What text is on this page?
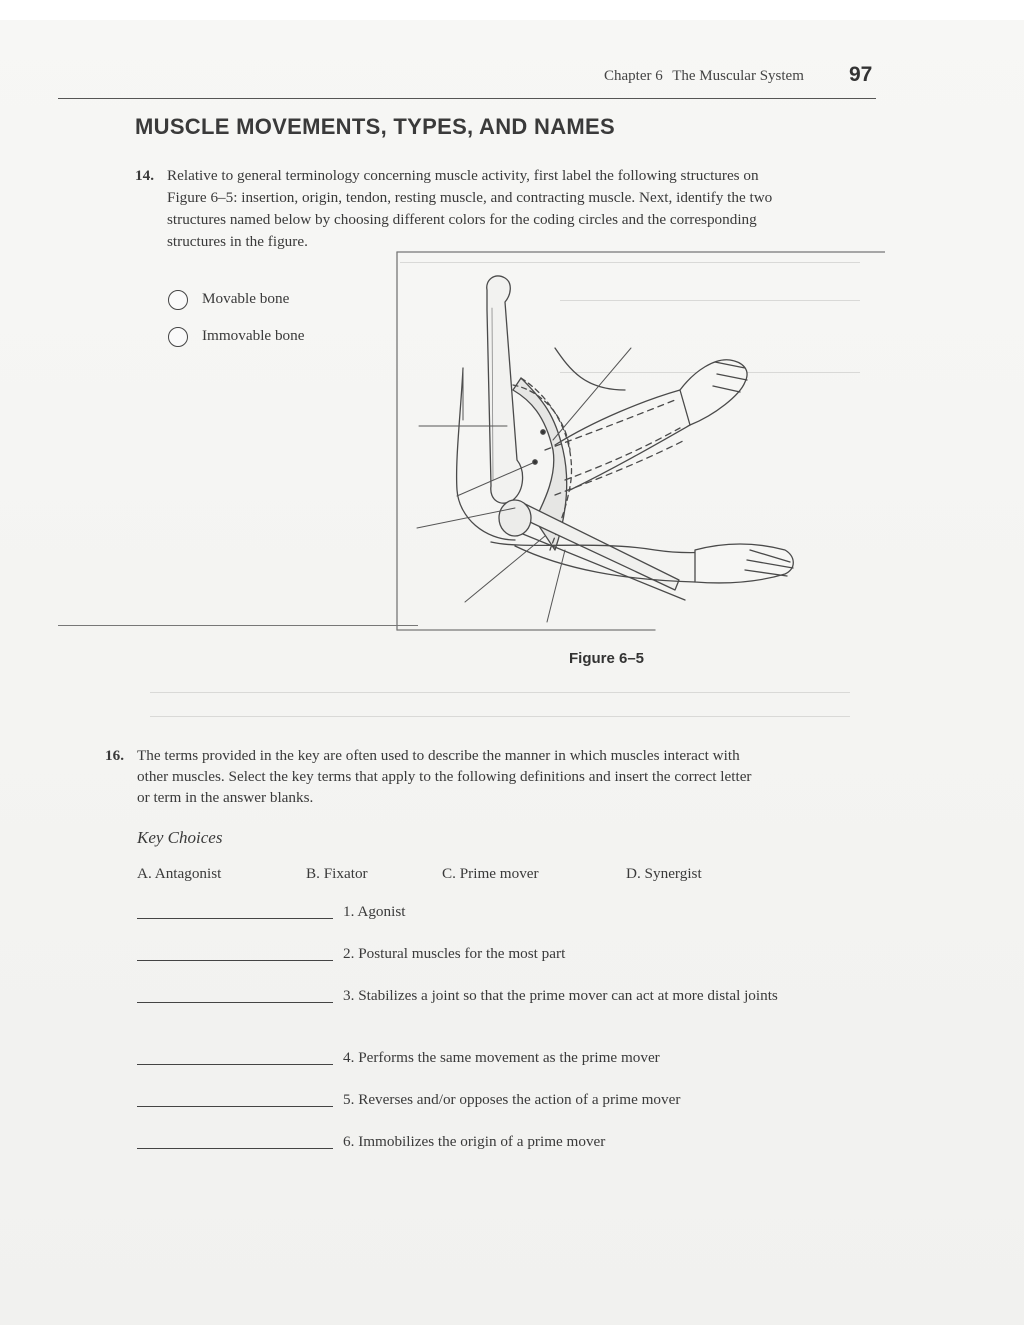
Chapter 6 The Muscular System 97
MUSCLE MOVEMENTS, TYPES, AND NAMES
14. Relative to general terminology concerning muscle activity, first label the following structures on Figure 6–5: insertion, origin, tendon, resting muscle, and contracting muscle. Next, identify the two structures named below by choosing different colors for the coding circles and the corresponding structures in the figure.
Movable bone
Immovable bone
Figure 6–5
16. The terms provided in the key are often used to describe the manner in which muscles interact with other muscles. Select the key terms that apply to the following definitions and insert the correct letter or term in the answer blanks.
Key Choices
A. Antagonist	B. Fixator	C. Prime mover	D. Synergist
1. Agonist
2. Postural muscles for the most part
3. Stabilizes a joint so that the prime mover can act at more distal joints
4. Performs the same movement as the prime mover
5. Reverses and/or opposes the action of a prime mover
6. Immobilizes the origin of a prime mover
